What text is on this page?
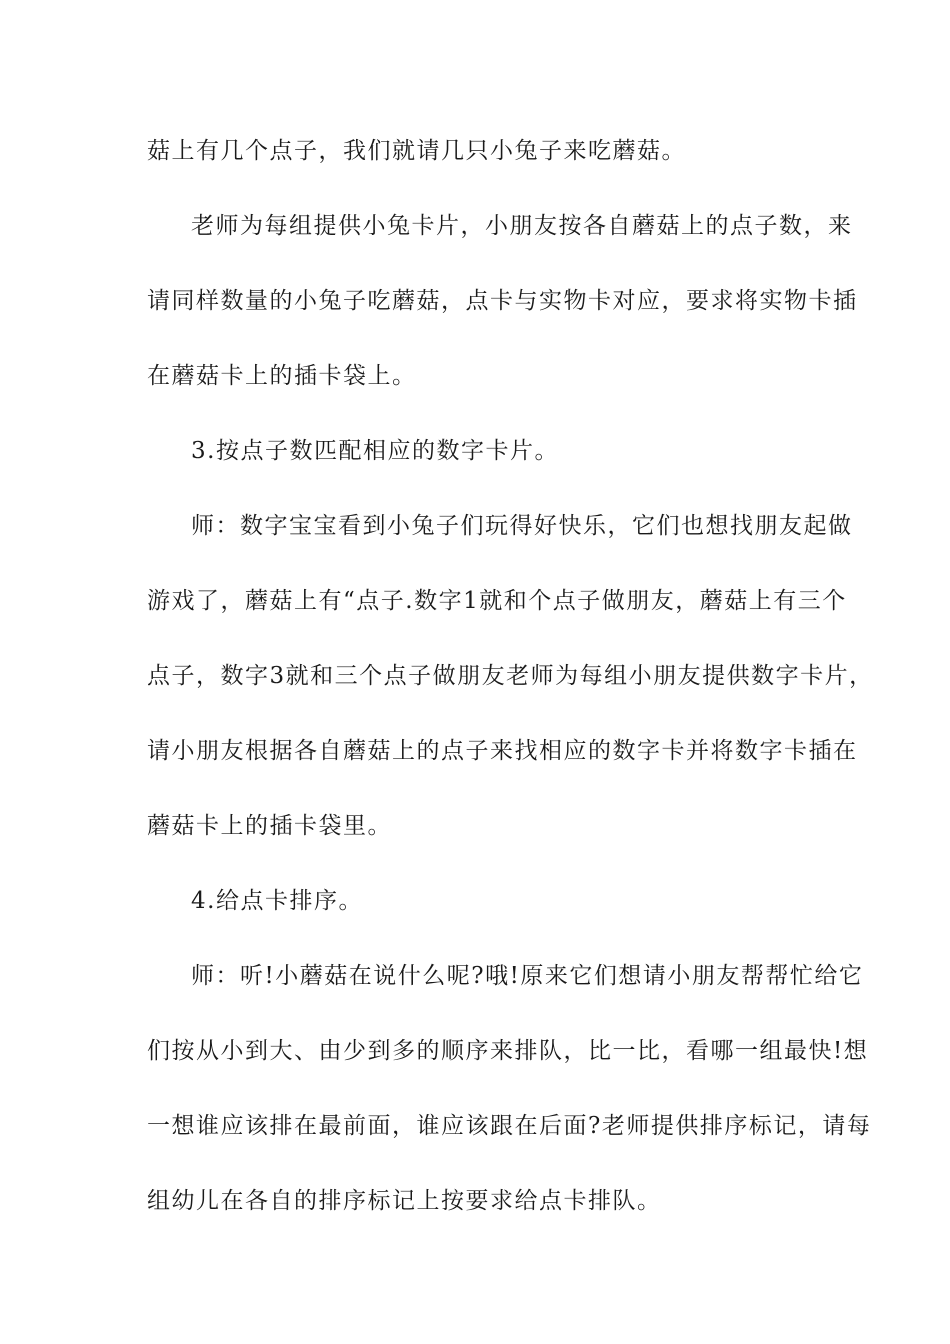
菇上有几个点子，我们就请几只小兔子来吃蘑菇。
老师为每组提供小兔卡片，小朋友按各自蘑菇上的点子数，来
请同样数量的小兔子吃蘑菇，点卡与实物卡对应，要求将实物卡插
在蘑菇卡上的插卡袋上。
3.按点子数匹配相应的数字卡片。
师：数字宝宝看到小兔子们玩得好快乐，它们也想找朋友起做
游戏了，蘑菇上有“点子.数字1就和个点子做朋友，蘑菇上有三个
点子，数字3就和三个点子做朋友老师为每组小朋友提供数字卡片，
请小朋友根据各自蘑菇上的点子来找相应的数字卡并将数字卡插在
蘑菇卡上的插卡袋里。
4.给点卡排序。
师：听!小蘑菇在说什么呢?哦!原来它们想请小朋友帮帮忙给它
们按从小到大、由少到多的顺序来排队，比一比，看哪一组最快!想
一想谁应该排在最前面，谁应该跟在后面?老师提供排序标记，请每
组幼儿在各自的排序标记上按要求给点卡排队。
